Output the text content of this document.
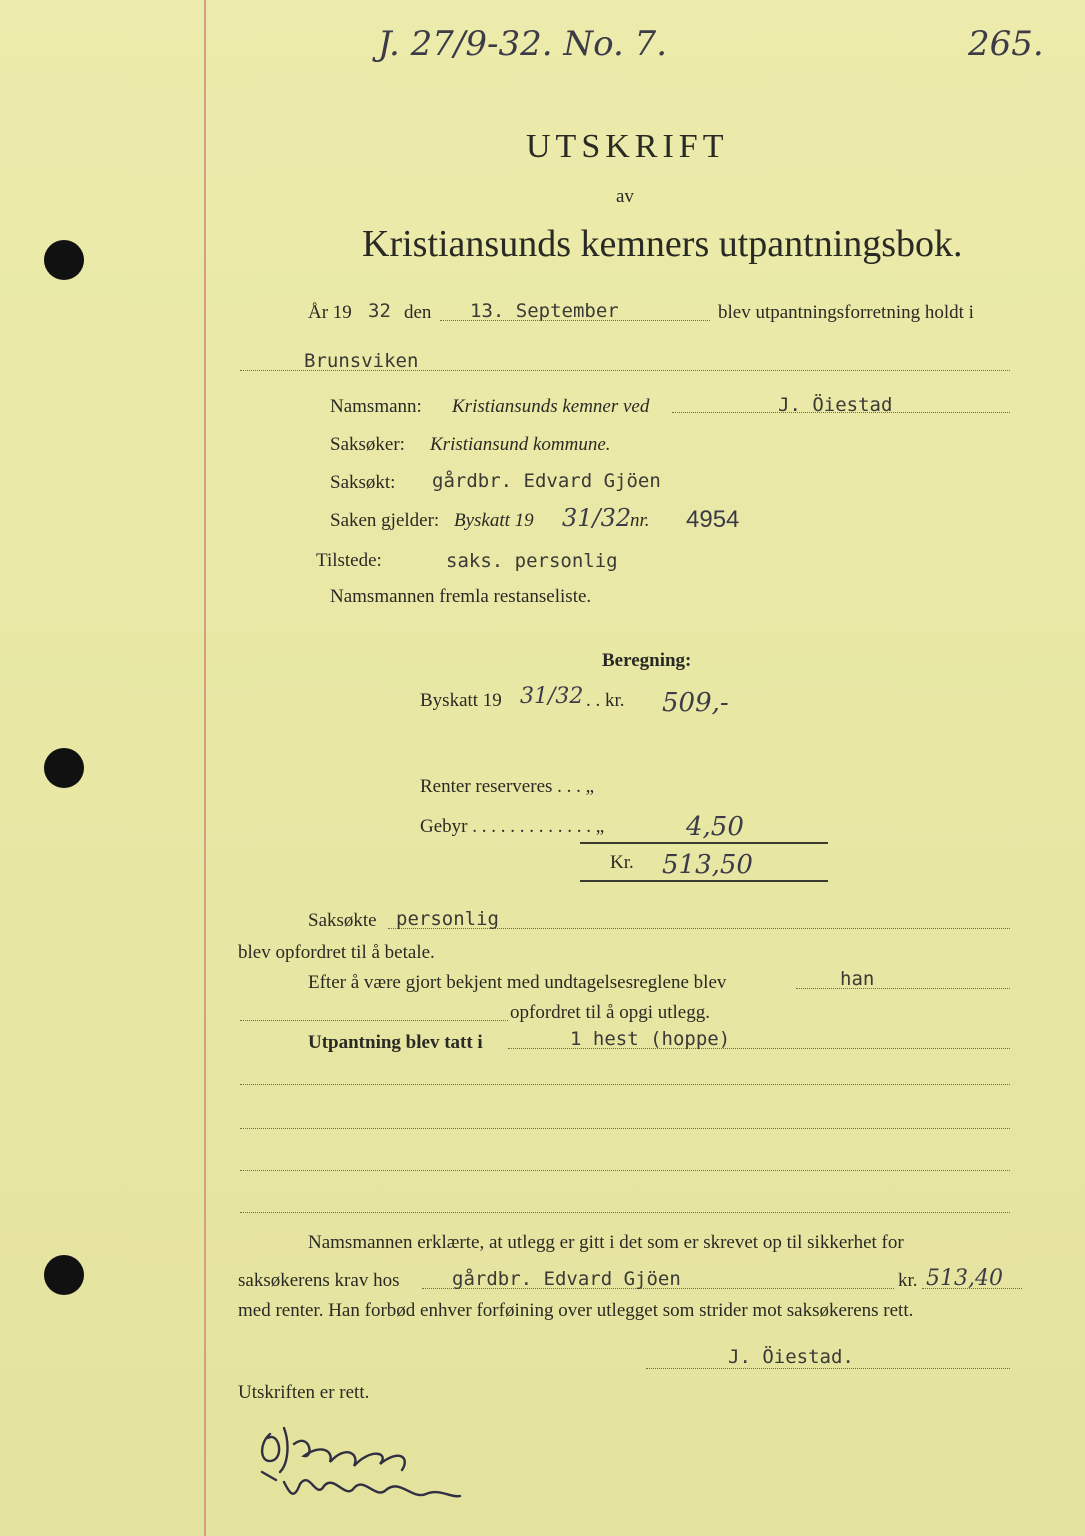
J. 27/9-32. No. 7.	265.
UTSKRIFT
av
Kristiansunds kemners utpantningsbok.
År 19 32 den 13. September	blev utpantningsforretning holdt i
Brunsviken
Namsmann: Kristiansunds kemner ved	J. Öiestad
Saksøker: Kristiansund kommune.
Saksøkt: gårdbr. Edvard Gjöen
Saken gjelder: Byskatt 19 31/32
nr. 4954
Tilstede:	saks. personlig
Namsmannen fremla restanseliste.
Beregning:
Byskatt 19 31/32 . . kr. 509,-
Renter reserveres . . . „
Gebyr . . . . . . . . . . . . . „	4,50
Kr. 513,50
Saksøkte personlig
blev opfordret til å betale.
Efter å være gjort bekjent med undtagelsesreglene blev	han
opfordret til å opgi utlegg.
Utpantning blev tatt i	1 hest (hoppe)
Namsmannen erklærte, at utlegg er gitt i det som er skrevet op til sikkerhet for
saksøkerens krav hos	gårdbr. Edvard Gjöen	kr. 513,40
med renter. Han forbød enhver forføining over utlegget som strider mot saksøkerens rett.
J. Öiestad.
Utskriften er rett.
